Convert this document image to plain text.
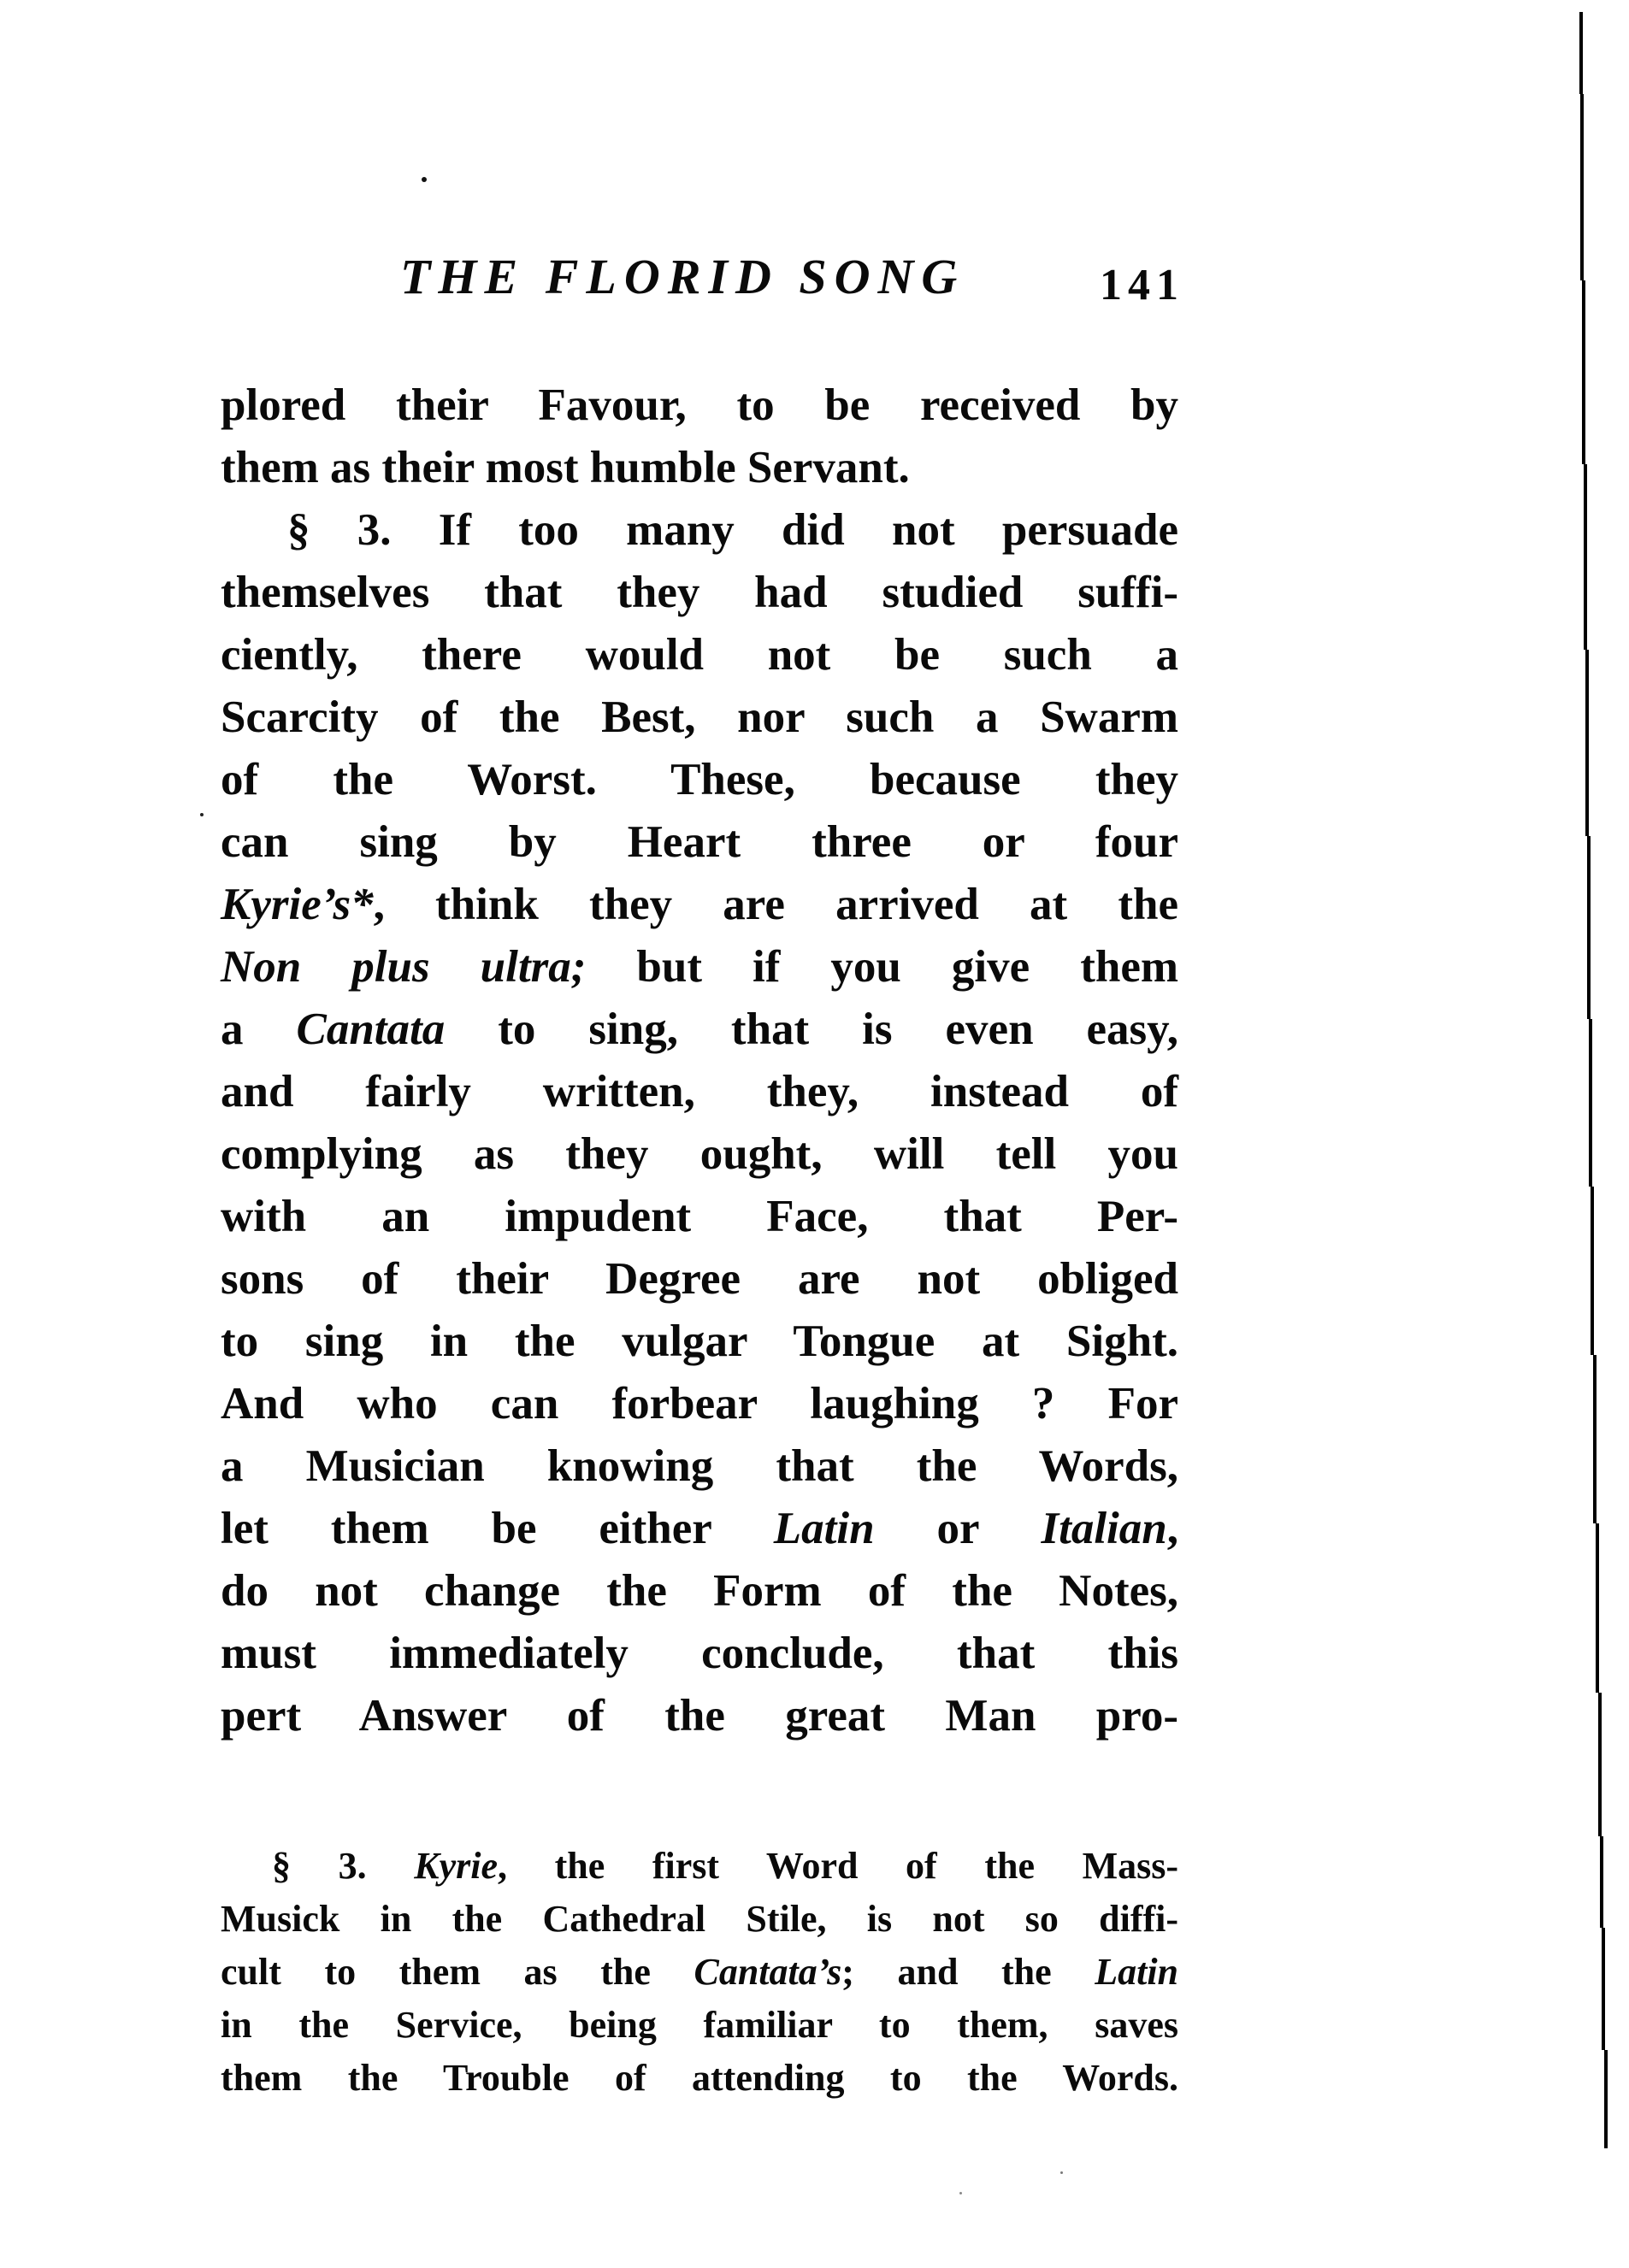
THE FLORID SONG	141
plored their Favour, to be received by
them as their most humble Servant.
§ 3. If too many did not persuade
themselves that they had studied suffi-
ciently, there would not be such a
Scarcity of the Best, nor such a Swarm
of the Worst. These, because they
can sing by Heart three or four
Kyrie’s*, think they are arrived at the
Non plus ultra; but if you give them
a Cantata to sing, that is even easy,
and fairly written, they, instead of
complying as they ought, will tell you
with an impudent Face, that Per-
sons of their Degree are not obliged
to sing in the vulgar Tongue at Sight.
And who can forbear laughing ? For
a Musician knowing that the Words,
let them be either Latin or Italian,
do not change the Form of the Notes,
must immediately conclude, that this
pert Answer of the great Man pro-
§ 3. Kyrie, the first Word of the Mass-
Musick in the Cathedral Stile, is not so diffi-
cult to them as the Cantata’s; and the Latin
in the Service, being familiar to them, saves
them the Trouble of attending to the Words.
